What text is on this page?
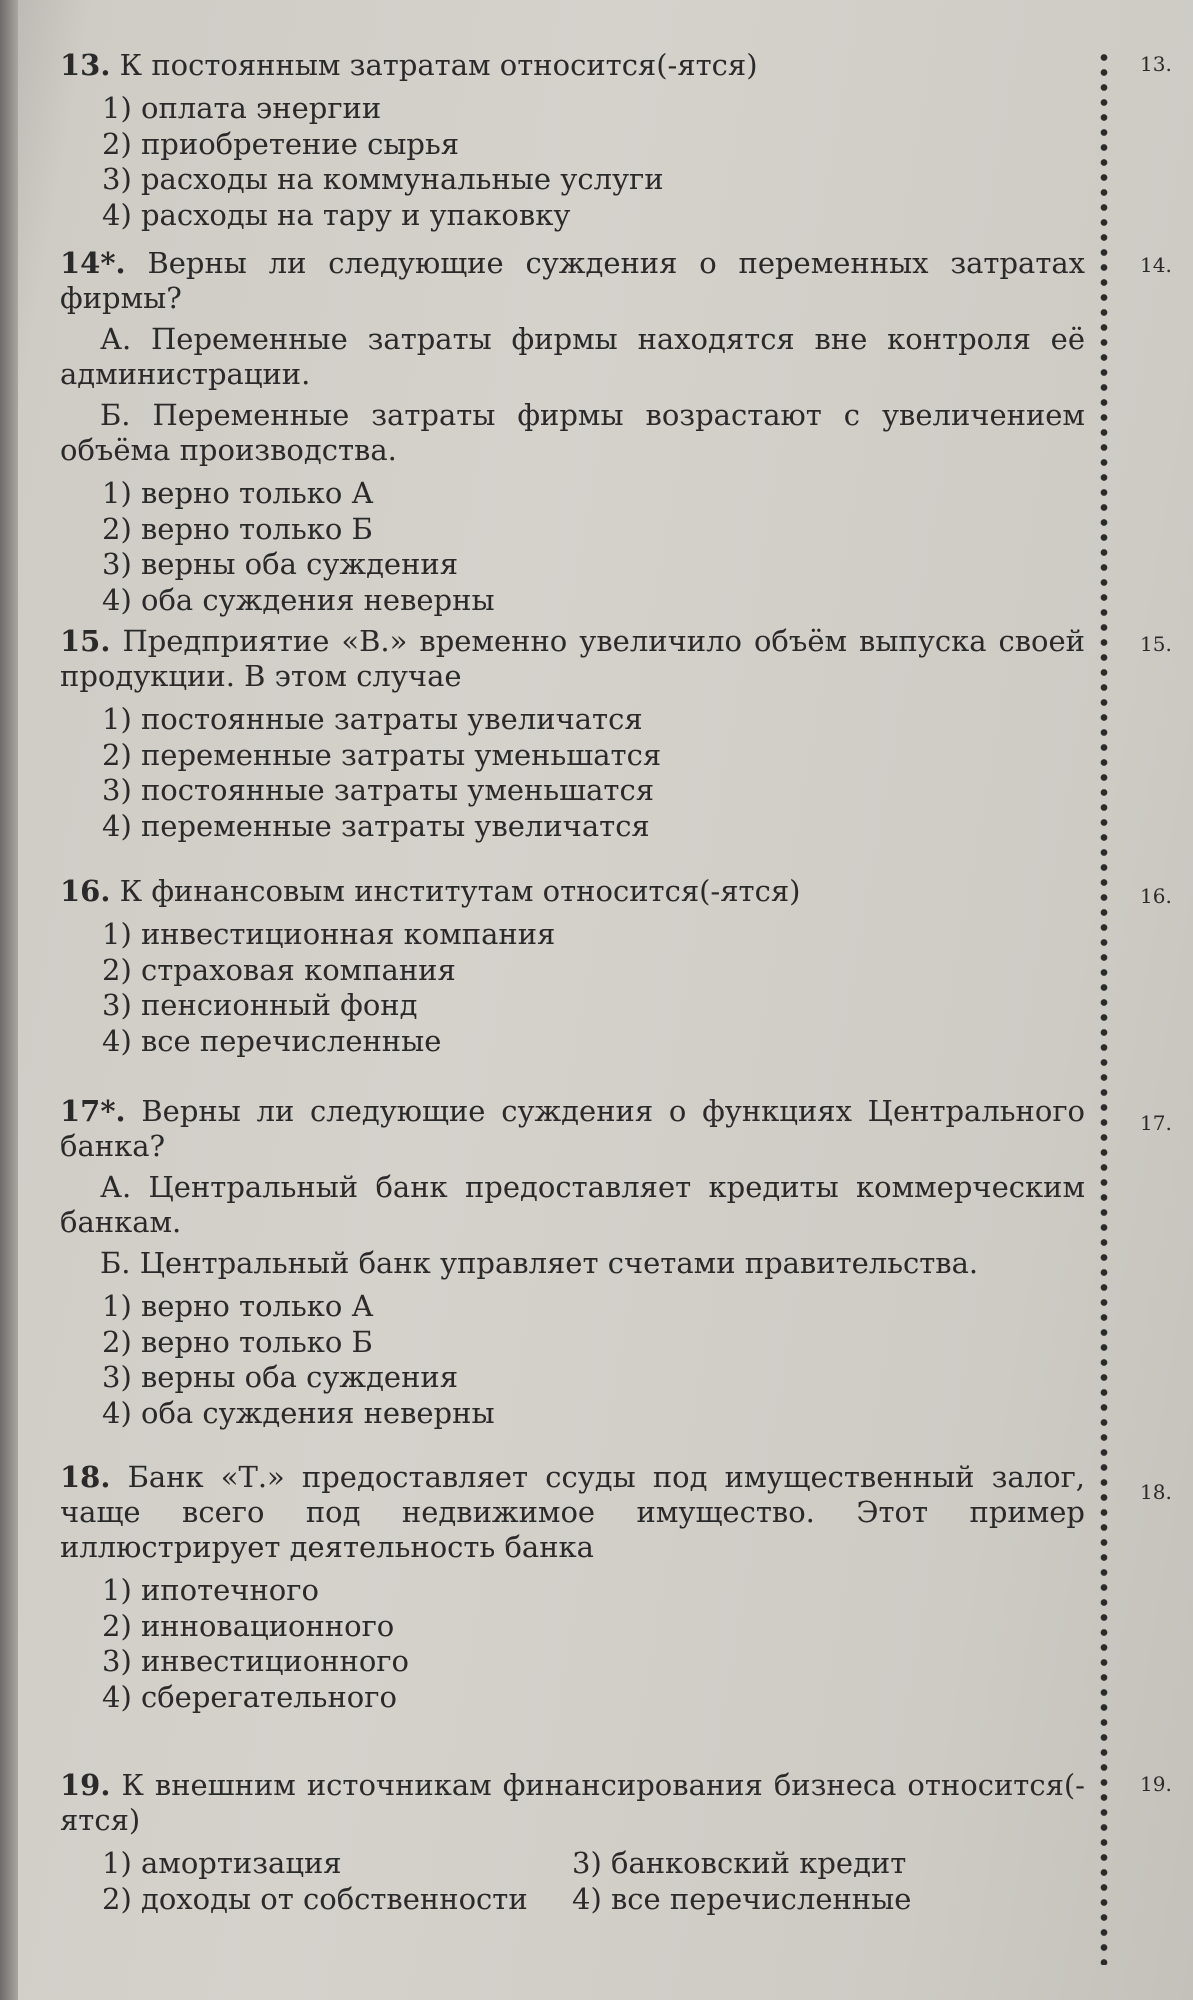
13. К постоянным затратам относится(-ятся)

1) оплата энергии
2) приобретение сырья
3) расходы на коммунальные услуги
4) расходы на тару и упаковку

14*. Верны ли следующие суждения о переменных затратах фирмы?

А. Переменные затраты фирмы находятся вне контроля её администрации.

Б. Переменные затраты фирмы возрастают с увеличением объёма производства.

1) верно только А
2) верно только Б
3) верны оба суждения
4) оба суждения неверны

15. Предприятие «В.» временно увеличило объём выпуска своей продукции. В этом случае

1) постоянные затраты увеличатся
2) переменные затраты уменьшатся
3) постоянные затраты уменьшатся
4) переменные затраты увеличатся

16. К финансовым институтам относится(-ятся)

1) инвестиционная компания
2) страховая компания
3) пенсионный фонд
4) все перечисленные

17*. Верны ли следующие суждения о функциях Центрального банка?

А. Центральный банк предоставляет кредиты коммерческим банкам.

Б. Центральный банк управляет счетами правительства.

1) верно только А
2) верно только Б
3) верны оба суждения
4) оба суждения неверны

18. Банк «Т.» предоставляет ссуды под имущественный залог, чаще всего под недвижимое имущество. Этот пример иллюстрирует деятельность банка

1) ипотечного
2) инновационного
3) инвестиционного
4) сберегательного

19. К внешним источникам финансирования бизнеса относится(-ятся)

1) амортизация
2) доходы от собственности
3) банковский кредит
4) все перечисленные
13.
14.
15.
16.
17.
18.
19.
